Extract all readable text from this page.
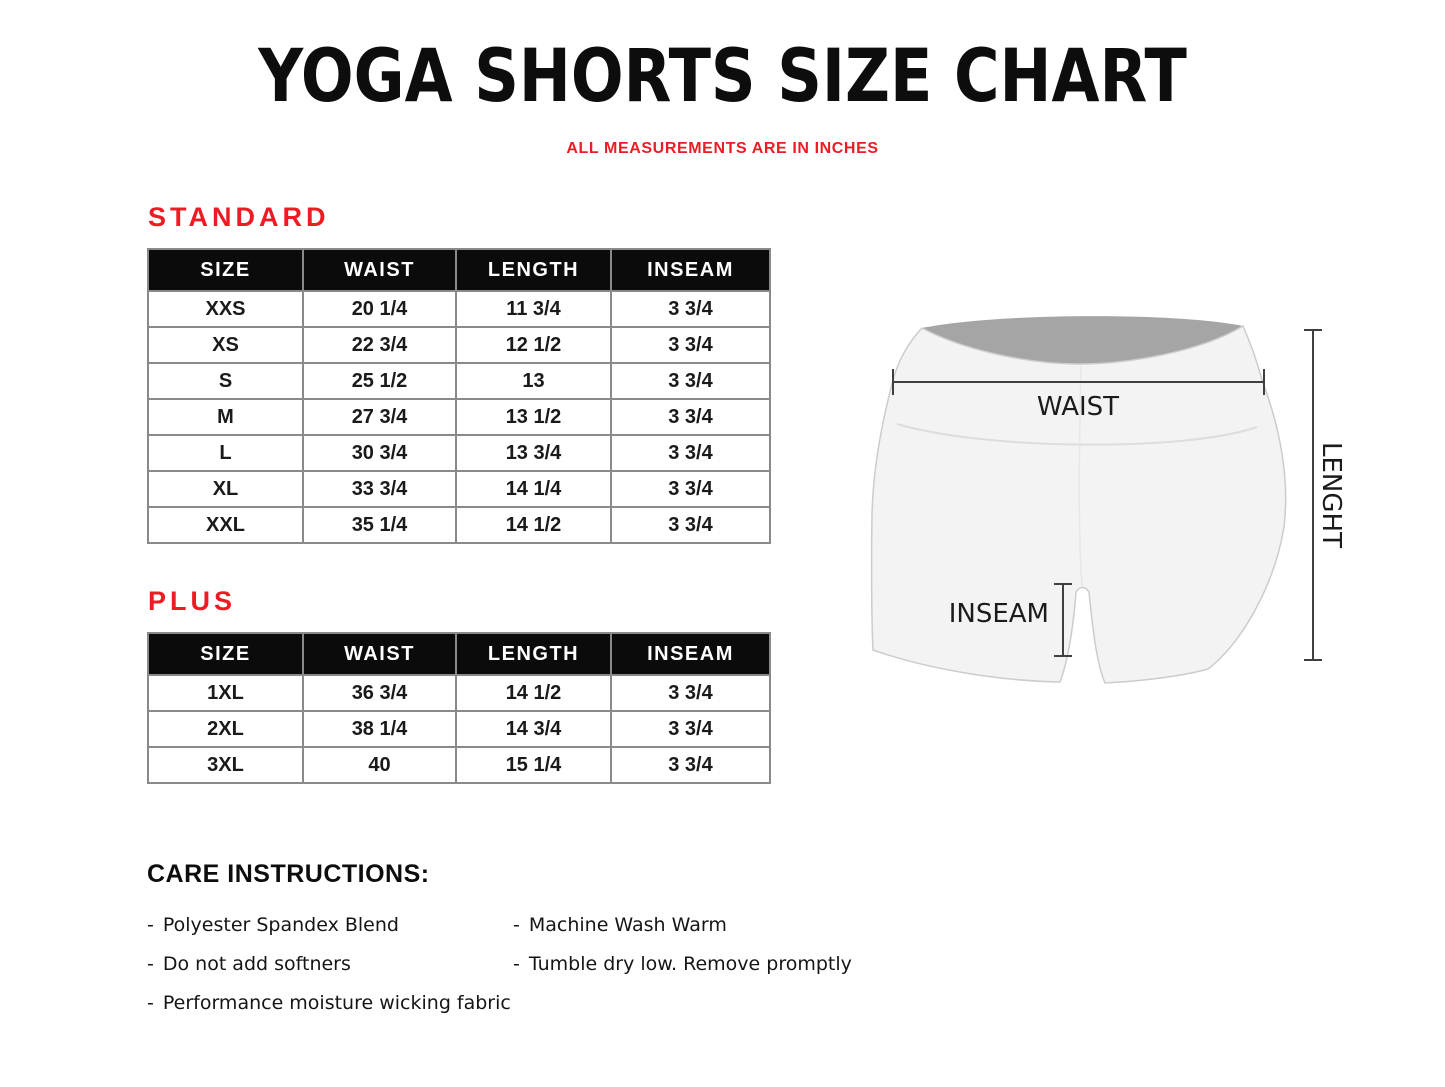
YOGA SHORTS SIZE CHART
ALL MEASUREMENTS ARE IN INCHES
STANDARD
SIZE	WAIST	LENGTH	INSEAM
XXS	20 1/4	11 3/4	3 3/4
XS	22 3/4	12 1/2	3 3/4
S	25 1/2	13	3 3/4
M	27 3/4	13 1/2	3 3/4
L	30 3/4	13 3/4	3 3/4
XL	33 3/4	14 1/4	3 3/4
XXL	35 1/4	14 1/2	3 3/4
PLUS
SIZE	WAIST	LENGTH	INSEAM
1XL	36 3/4	14 1/2	3 3/4
2XL	38 1/4	14 3/4	3 3/4
3XL	40	15 1/4	3 3/4
WAIST
INSEAM
LENGHT
CARE INSTRUCTIONS:
- Polyester Spandex Blend
- Do not add softners
- Performance moisture wicking fabric
- Machine Wash Warm
- Tumble dry low. Remove promptly
